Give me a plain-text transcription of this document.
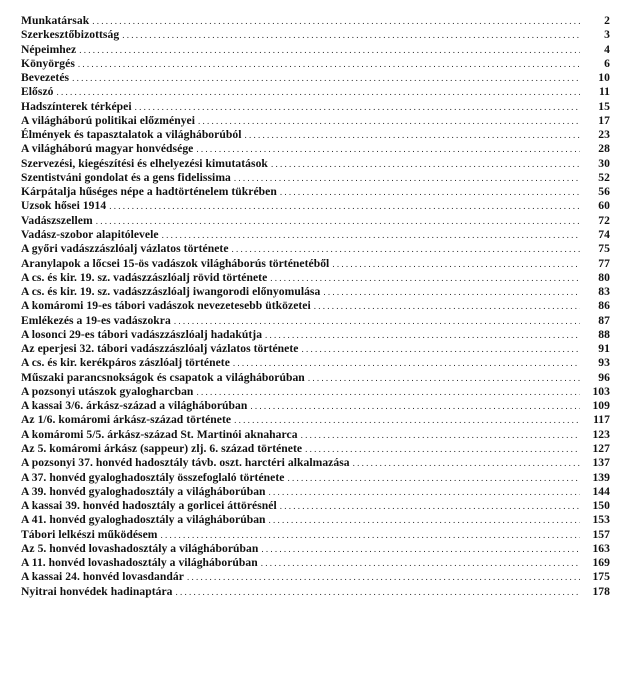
Munkatársak . . .	2
Szerkesztőbizottság . . .	3
Népeimhez . . .	4
Könyörgés . . .	6
Bevezetés . . .	10
Előszó . . .	11
Hadszínterek térképei . . .	15
A világháború politikai előzményei . . .	17
Élmények és tapasztalatok a világháborúból . . .	23
A világháború magyar honvédsége . . .	28
Szervezési, kiegészítési és elhelyezési kimutatások . . .	30
Szentistváni gondolat és a gens fidelissima . . .	52
Kárpátalja hűséges népe a hadtörténelem tükrében . . .	56
Uzsok hősei 1914 . . .	60
Vadászszellem . . .	72
Vadász-szobor alapitólevele . . .	74
A győri vadászzászlóalj vázlatos története . . .	75
Aranylapok a lőcsei 15-ös vadászok világháborús történetéből . . .	77
A cs. és kir. 19. sz. vadászzászlóalj rövid története . . .	80
A cs. és kir. 19. sz. vadászzászlóalj iwangorodi előnyomulása . . .	83
A komáromi 19-es tábori vadászok nevezetesebb ütközetei . . .	86
Emlékezés a 19-es vadászokra . . .	87
A losonci 29-es tábori vadászzászlóalj hadakútja . . .	88
Az eperjesi 32. tábori vadászzászlóalj vázlatos története . . .	91
A cs. és kir. kerékpáros zászlóalj története . . .	93
Műszaki parancsnokságok és csapatok a világháborúban . . .	96
A pozsonyi utászok gyalogharcban . . .	103
A kassai 3/6. árkász-század a világháborúban . . .	109
Az 1/6. komáromi árkász-század története . . .	117
A komáromi 5/5. árkász-század St. Martinói aknaharca . . .	123
Az 5. komáromi árkász (sappeur) zlj. 6. század története . . .	127
A pozsonyi 37. honvéd hadosztály távb. oszt. harctéri alkalmazása . . .	137
A 37. honvéd gyaloghadosztály összefoglaló története . . .	139
A 39. honvéd gyaloghadosztály a világháborúban . . .	144
A kassai 39. honvéd hadosztály a gorlicei áttörésnél . . .	150
A 41. honvéd gyaloghadosztály a világháborúban . . .	153
Tábori lelkészi működésem . . .	157
Az 5. honvéd lovashadosztály a világháborúban . . .	163
A 11. honvéd lovashadosztály a világháborúban . . .	169
A kassai 24. honvéd lovasdandár . . .	175
Nyitrai honvédek hadinaptára . . .	178
